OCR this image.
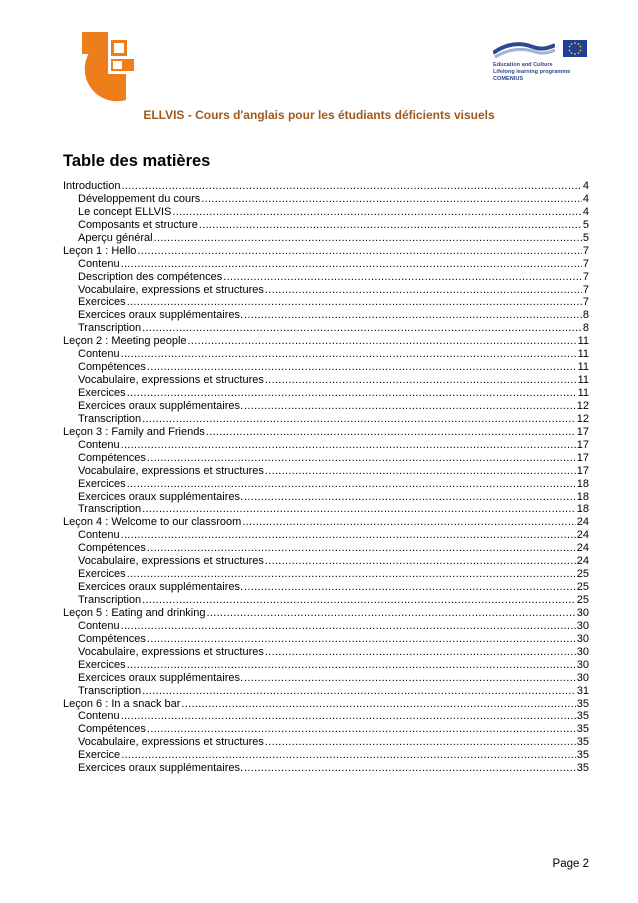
Education and Culture
Lifelong learning programme
COMENIUS
ELLVIS - Cours d'anglais pour les étudiants déficients visuels
Table des matières
Introduction .....	4
Développement du cours .....	4
Le concept ELLVIS .....	4
Composants et structure .....	5
Aperçu général .....	5
Leçon 1 : Hello .....	7
Contenu .....	7
Description des compétences .....	7
Vocabulaire, expressions et structures .....	7
Exercices .....	7
Exercices oraux supplémentaires. .....	8
Transcription .....	8
Leçon 2 : Meeting people .....	11
Contenu .....	11
Compétences .....	11
Vocabulaire, expressions et structures .....	11
Exercices .....	11
Exercices oraux supplémentaires. .....	12
Transcription .....	12
Leçon 3 : Family and Friends .....	17
Contenu .....	17
Compétences .....	17
Vocabulaire, expressions et structures .....	17
Exercices .....	18
Exercices oraux supplémentaires. .....	18
Transcription .....	18
Leçon 4 : Welcome to our classroom .....	24
Contenu .....	24
Compétences .....	24
Vocabulaire, expressions et structures .....	24
Exercices .....	25
Exercices oraux supplémentaires. .....	25
Transcription .....	25
Leçon 5 : Eating and drinking .....	30
Contenu .....	30
Compétences .....	30
Vocabulaire, expressions et structures .....	30
Exercices .....	30
Exercices oraux supplémentaires. .....	30
Transcription .....	31
Leçon 6 : In a snack bar .....	35
Contenu .....	35
Compétences .....	35
Vocabulaire, expressions et structures .....	35
Exercice .....	35
Exercices oraux supplémentaires. .....	35
Page 2
